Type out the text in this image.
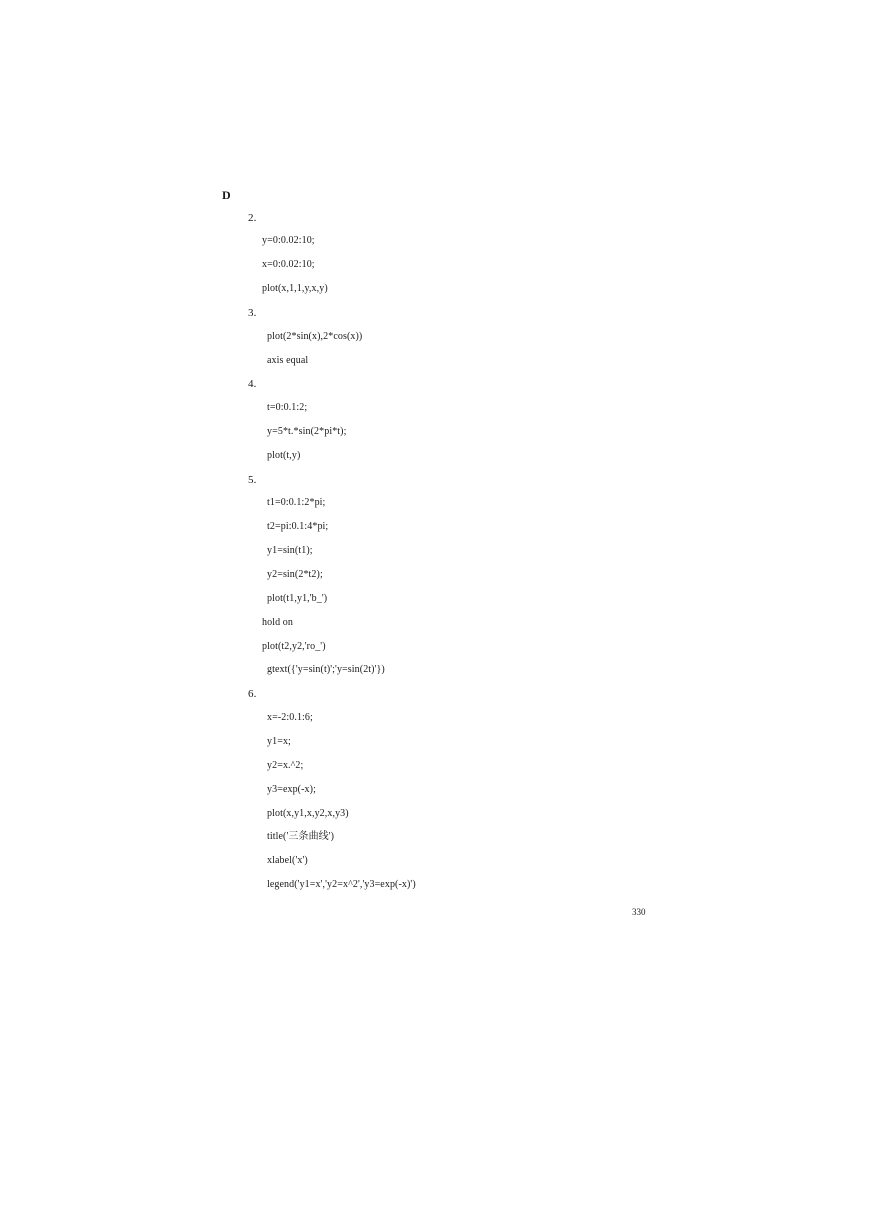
D
2.
y=0:0.02:10;
x=0:0.02:10;
plot(x,1,1,y,x,y)
3.
plot(2*sin(x),2*cos(x))
axis equal
4.
t=0:0.1:2;
y=5*t.*sin(2*pi*t);
plot(t,y)
5.
t1=0:0.1:2*pi;
t2=pi:0.1:4*pi;
y1=sin(t1);
y2=sin(2*t2);
plot(t1,y1,'b_')
hold on
plot(t2,y2,'ro_')
gtext({'y=sin(t)';'y=sin(2t)'})
6.
x=-2:0.1:6;
y1=x;
y2=x.^2;
y3=exp(-x);
plot(x,y1,x,y2,x,y3)
title('三条曲线')
xlabel('x')
legend('y1=x','y2=x^2','y3=exp(-x)')
330
